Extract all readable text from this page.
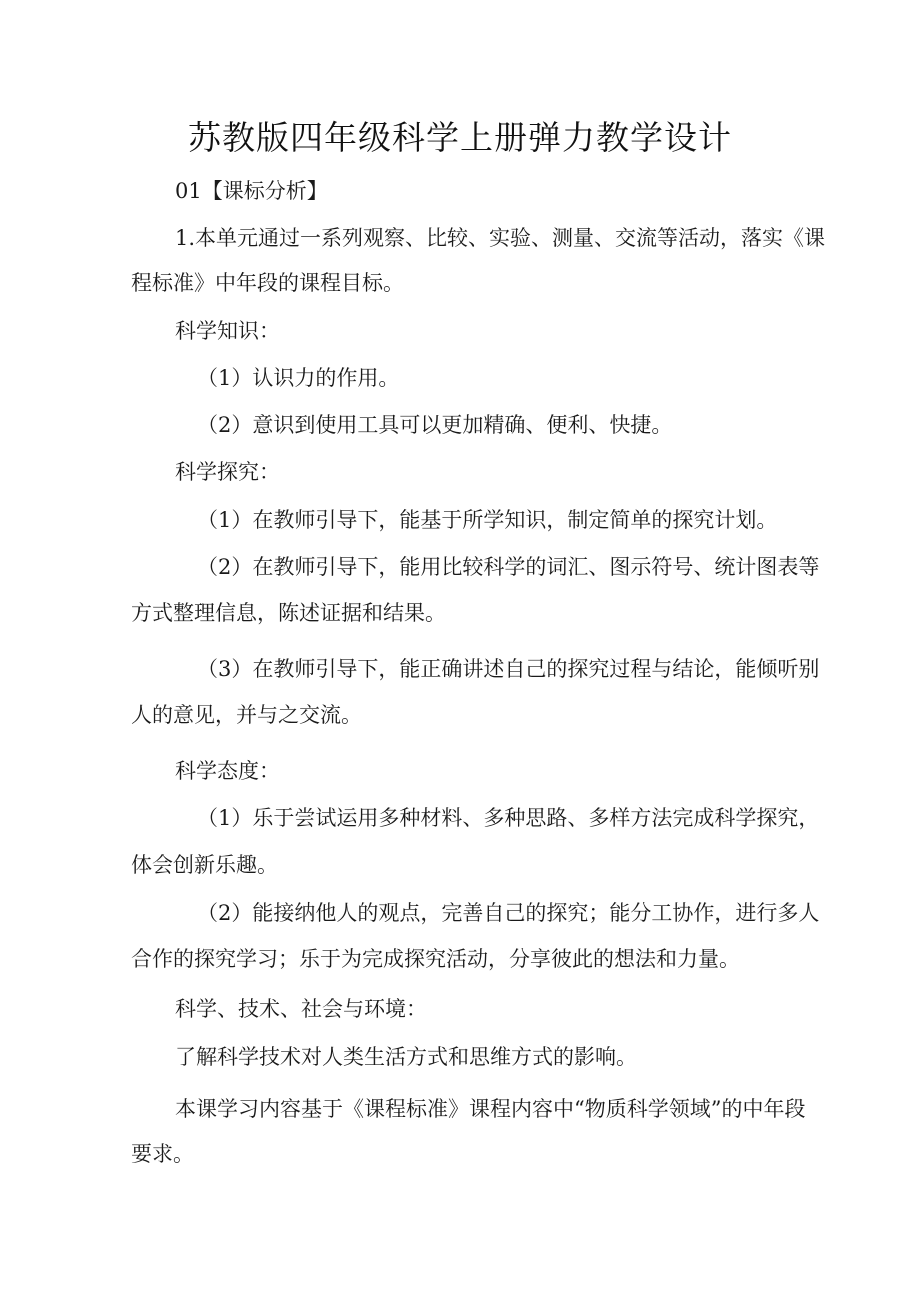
苏教版四年级科学上册弹力教学设计
01【课标分析】
1.本单元通过一系列观察、比较、实验、测量、交流等活动，落实《课
程标准》中年段的课程目标。
科学知识：
（1）认识力的作用。
（2）意识到使用工具可以更加精确、便利、快捷。
科学探究：
（1）在教师引导下，能基于所学知识，制定简单的探究计划。
（2）在教师引导下，能用比较科学的词汇、图示符号、统计图表等
方式整理信息，陈述证据和结果。
（3）在教师引导下，能正确讲述自己的探究过程与结论，能倾听别
人的意见，并与之交流。
科学态度：
（1）乐于尝试运用多种材料、多种思路、多样方法完成科学探究，
体会创新乐趣。
（2）能接纳他人的观点，完善自己的探究；能分工协作，进行多人
合作的探究学习；乐于为完成探究活动，分享彼此的想法和力量。
科学、技术、社会与环境：
了解科学技术对人类生活方式和思维方式的影响。
本课学习内容基于《课程标准》课程内容中“物质科学领域”的中年段
要求。
